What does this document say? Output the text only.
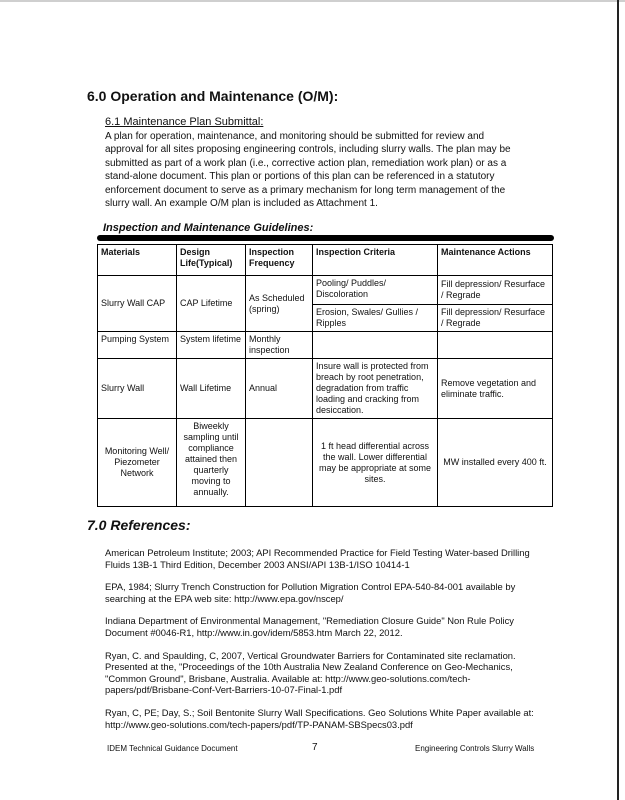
6.0 Operation and Maintenance (O/M):
6.1 Maintenance Plan Submittal:
A plan for operation, maintenance, and monitoring should be submitted for review and approval for all sites proposing engineering controls, including slurry walls. The plan may be submitted as part of a work plan (i.e., corrective action plan, remediation work plan) or as a stand-alone document. This plan or portions of this plan can be referenced in a statutory enforcement document to serve as a primary mechanism for long term management of the slurry wall. An example O/M plan is included as Attachment 1.
Inspection and Maintenance Guidelines:
Materials	Design Life(Typical)	Inspection Frequency	Inspection Criteria	Maintenance Actions
Slurry Wall CAP	CAP Lifetime	As Scheduled (spring)	Pooling/ Puddles/ Discoloration	Fill depression/ Resurface / Regrade
			Erosion, Swales/ Gullies / Ripples	Fill depression/ Resurface / Regrade
Pumping System	System lifetime	Monthly inspection		
Slurry Wall	Wall Lifetime	Annual	Insure wall is protected from breach by root penetration, degradation from traffic loading and cracking from desiccation.	Remove vegetation and eliminate traffic.
Monitoring Well/ Piezometer Network	Biweekly sampling until compliance attained then quarterly moving to annually.		1 ft head differential across the wall. Lower differential may be appropriate at some sites.	MW installed every 400 ft.
7.0 References:

American Petroleum Institute; 2003; API Recommended Practice for Field Testing Water-based Drilling Fluids 13B-1 Third Edition, December 2003 ANSI/API 13B-1/ISO 10414-1

EPA, 1984; Slurry Trench Construction for Pollution Migration Control EPA-540-84-001 available by searching at the EPA web site: http://www.epa.gov/nscep/

Indiana Department of Environmental Management, "Remediation Closure Guide" Non Rule Policy Document #0046-R1, http://www.in.gov/idem/5853.htm March 22, 2012.

Ryan, C. and Spaulding, C, 2007, Vertical Groundwater Barriers for Contaminated site reclamation. Presented at the, "Proceedings of the 10th Australia New Zealand Conference on Geo-Mechanics, "Common Ground", Brisbane, Australia. Available at: http://www.geo-solutions.com/tech-papers/pdf/Brisbane-Conf-Vert-Barriers-10-07-Final-1.pdf

Ryan, C, PE; Day, S.; Soil Bentonite Slurry Wall Specifications. Geo Solutions White Paper available at: http://www.geo-solutions.com/tech-papers/pdf/TP-PANAM-SBSpecs03.pdf

IDEM Technical Guidance Document	7	Engineering Controls Slurry Walls
